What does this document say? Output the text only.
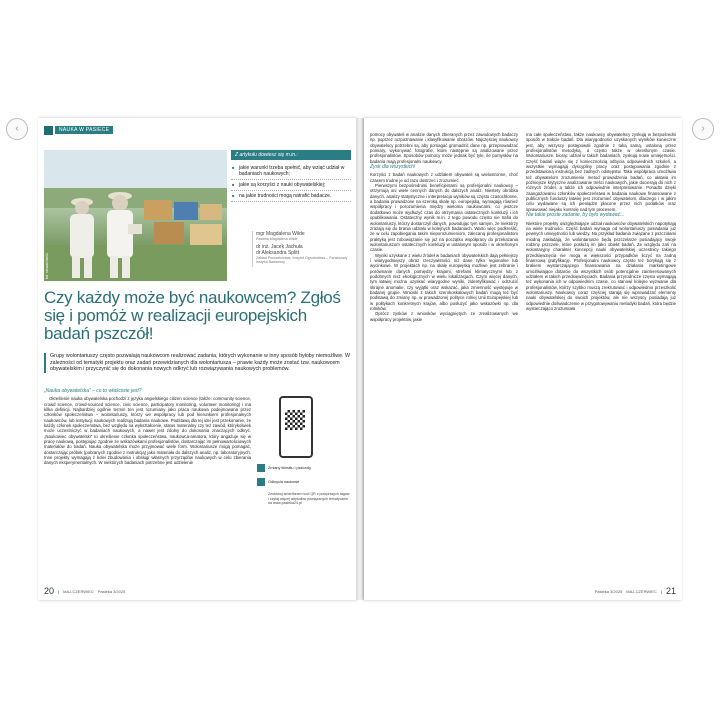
‹	›
NAUKA W PASIECE
fot. simaalchimik
Z artykułu dowiesz się m.in.:
■ jakie warunki trzeba spełnić, aby wziąć udział w badaniach naukowych;
■ jakie są korzyści z nauki obywatelskiej;
■ na jakie trudności mogą natrafić badacze.
mgr Magdalena Wilde
Pasieka Magdalena Wilde
dr inż. Jacek Jachuła
dr Aleksandra Splitt
Zakład Pszczelnictwa, Instytut Ogrodnictwa – Państwowy Instytut Badawczy
Czy każdy może być naukowcem? Zgłoś się i pomóż w realizacji europejskich badań pszczół!
Grupy wolontariuszy często pozwalają naukowcom realizować zadania, których wykonanie w inny sposób byłoby niemożliwe. W zależności od tematyki projektu oraz zadań przewidzianych dla wolontariusza – prawie każdy może zostać tzw. naukowcem obywatelskim i przyczynić się do dokonania nowych odkryć lub rozwiązywania naukowych problemów.
„Nauka obywatelska” – co to właściwie jest?

Określenie nauka obywatelska pochodzi z języka angielskiego citizen science (także: community science, crowd science, crowd-sourced science, civic science, participatory monitoring, volunteer monitoring) i ma kilka definicji. Najbardziej ogólnie termin ten jest rozumiany jako praca naukowa podejmowana przez członków społeczeństwa – wolontariuszy, którzy we współpracy lub pod kierunkiem profesjonalnych naukowców, lub instytucji naukowych realizują badania naukowe. Podstawą dla tej idei jest przekonanie, że każdy członek społeczeństwa, bez względu na wykształcenie, status materialny czy też zawód, którykolwiek może uczestniczyć w badaniach naukowych, a nawet jest zdolny do dokonania znaczących odkryć. „Naukowiec obywatelski” to określenie członka społeczeństwa, naukowca-amatora, który angażuje się w pracę naukową, postępując zgodnie ze wskazówkami profesjonalistów, dostarczając im pełnowartościowych materiałów do badań. Nauka obywatelska może przyjmować wiele form. Wolontariusze mogą pomagać, dostarczając próbek (pobranych zgodnie z instrukcją) jako materiału do dalszych analiz, np. laboratoryjnych. Inne projekty wymagają z kolei zbudowania i obsługi własnych przyrządów naukowych w celu zbierania danych eksperymentalnych. W niektórych badaniach potrzebne jest udzielenie

Zmiany klimatu i pszczoły
Odkrycia naukowe
Zeskanuj smartfonem kod QR z powyższych tagów i czytaj więcej artykułów powiązanych tematycznie na www.pasieka24.pl
20 | MAJ-CZERWIEC Pasieka 3/2025

pomocy obywateli w analizie danych zbieranych przez zawodowych badaczy np. poprzez rozpoznawanie i klasyfikowanie obrazów. Najczęściej naukowcy obywatelscy potrzebni są, aby pomagać gromadzić dane np. przeprowadzać pomiary, wykonywać fotografie, które następnie są analizowane przez profesjonalistów. Sposobów pomocy może jednak być tyle, ile pomysłów na badania mają profesjonalni naukowcy.

Zysk dla wszystkich!

Korzyści z badań naukowych z udziałem obywateli są wielostronne, choć czasem trudne je od razu dostrzec i zrozumieć.

Pierwszymi bezpośrednimi beneficjentami są profesjonalni naukowcy – otrzymują oni wiele cennych danych do dalszych analiz. Niestety obróbka danych, analizy statystyczne i interpretacja wyników są często czasochłonne, a badania prowadzone na szeroką skalę np. europejską, wymagają również współpracy i porozumienia między wieloma naukowcami, co jeszcze dodatkowo może wydłużyć czas do otrzymania ostatecznych konkluzji i ich opublikowania. Ostateczny wynik m.in. z tego powodu często nie trafia do wolontariuszy, którzy dostarczyli danych, powodując tym samym, że niektórzy zrażają się do brania udziału w kolejnych badaniach. Warto więc podkreślić, że w celu zapobiegania takim nieporozumieniom, zalecaną profesjonalistom praktyką jest zobowiązanie się już na początku współpracy do przekazania wolontariuszom ostatecznych konkluzji w ustalonym sposób i w określonym czasie.

Wyniki uzyskane z wielu źródeł w badaniach obywatelskich dają pełniejszy i wiarygodniejszy obraz rzeczywistości niż dane tylko regionalne lub wycinkowe. W projektach np. na skalę europejską możliwe jest zebranie i porównanie danych pomiędzy krajami, strefami klimatycznymi lub z podobnych nisz ekologicznych w wielu lokalizacjach. Czym więcej danych, tym łatwiej można uzyskać wiarygodne wyniki, zidentyfikować i odrzucić skrajne anomalie, czy wyjątki oraz wskazać, jaka zmienność występuje w badanej grupie. Wnioski z takich szerokoskalowych badań mogą też być podstawą do zmiany np. w prowadzonej polityce rolnej Unii Europejskiej lub w politykach konkretnych krajów, albo posłużyć jako wskazówki np. dla rolników.

Oprócz zysków z wniosków wyciągniętych ze zrealizowanych we współpracy projektów, jakie

ma całe społeczeństwo, także naukowcy obywatelscy zyskują w bezpośredni sposób w trakcie badań. Dla wiarygodności uzyskanych wyników konieczne jest, aby wszyscy postępowali zgodnie z taką samą, ustaloną przez profesjonalistów metodyką, a często także w określonym czasie. Wolontariusze, biorąc udział w takich badaniach, zyskują nowe umiejętności. Część badań wiąże się z koniecznością odbycia odpowiednich szkoleń, a wszystkie wymagają dyscypliny pracy oraz postępowania zgodnie z przedstawioną instrukcją bez żadnych odstępstw. Taka współpraca umożliwia też obywatelom zrozumienie metod prowadzenia badań, co ułatwia im późniejsze krytyczne analizowanie treści naukowych, jakie docierają do nich z różnych źródeł, a także ich odpowiednie interpretowanie. Ponadto dzięki zaangażowaniu członków społeczeństwa w badania naukowe finansowane z publicznych funduszy łatwiej jest zrozumieć obywatelom, dlaczego i w jakim celu wydawane są ich pieniądze płacone przez nich podatków oraz sprawować niejako kontrolę nad tym procesem.

Nie takie proste zadanie, by było wydawać...

Niektóre projekty uwzględniające udział naukowców obywatelskich napotykają na wiele trudności. Część badań wymaga od wolontariuszy posiadania już pewnych umiejętności lub wiedzy. Na przykład badania związane z pszczołami miodną zakładają, że wolontariusze będą pszczelarze posiadający swoje rodziny pszczele, które posłużą im jako obiekt badań. Ze względu zaś na wolontaryjny charakter koncepcji nauki obywatelskiej uczestnicy takiego przedsięwzięcia nie mogą w większości przypadków liczyć na żadną finansową gratyfikację. Profesjonalni naukowcy często też borykają się z brakiem wystarczającego finansowania na działania marketingowe umożliwiające dotarcie do wszystkich osób potencjalnie zainteresowanych udziałem w takich przedsięwzięciach. Badania przyrodnicze często wymagają też wykonania ich w odpowiednim czasie, co stanowi kolejne wyzwanie dla profesjonalistów, którzy szybko muszą zrekrutować i odpowiednio przeszkolić wolontariuszy. Naukowcy coraz częściej starają się wprowadzać elementy nauki obywatelskiej do swoich projektów, ale nie wszyscy posiadają już odpowiednie doświadczenie w przygotowywaniu metodyki badań, która będzie wystarczająco zrozumiała

Pasieka 3/2025 MAJ-CZERWIEC | 21
